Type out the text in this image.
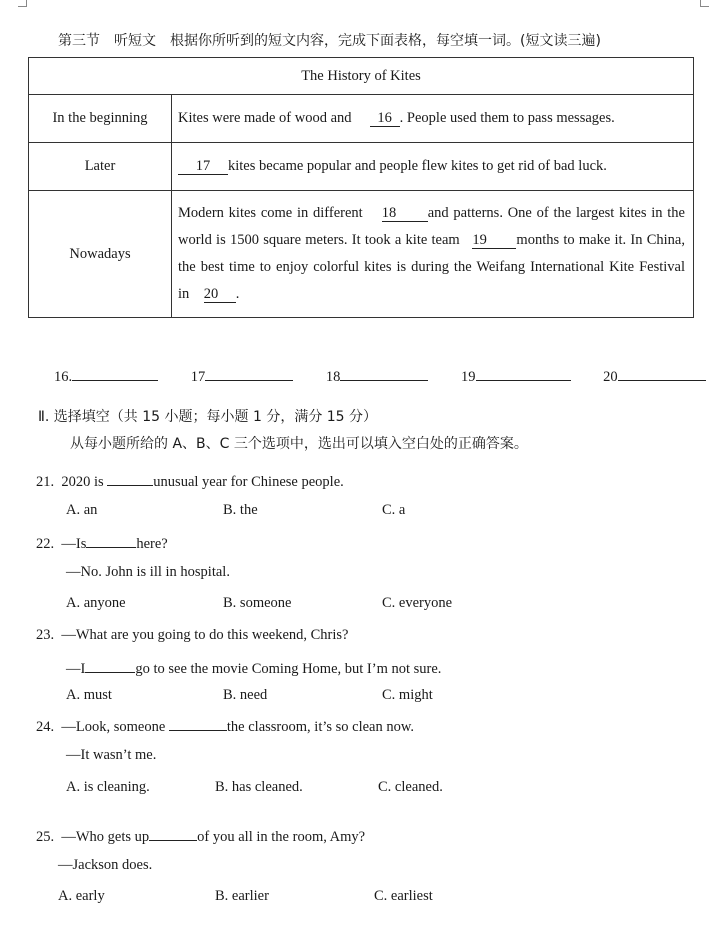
第三节　听短文　根据你所听到的短文内容，完成下面表格，每空填一词。(短文读三遍)
The History of Kites	
In the beginning	Kites were made of wood and 16 . People used them to pass messages.
Later	17 kites became popular and people flew kites to get rid of bad luck.
Nowadays	Modern kites come in different 18 and patterns. One of the largest kites in the world is 1500 square meters. It took a kite team 19 months to make it. In China, the best time to enjoy colorful kites is during the Weifang International Kite Festival in 20 .
16.	17	18	19	20
Ⅱ. 选择填空（共 15 小题；每小题 1 分，满分 15 分）
从每小题所给的 A、B、C 三个选项中，选出可以填入空白处的正确答案。
21. 2020 is	unusual year for Chinese people.
A. an	B. the	C. a
22. —Is	here?
—No. John is ill in hospital.
A. anyone	B. someone	C. everyone
23. —What are you going to do this weekend, Chris?
—I	go to see the movie Coming Home, but I’m not sure.
A. must	B. need	C. might
24. —Look, someone	the classroom, it’s so clean now.
—It wasn’t me.
A. is cleaning.	B. has cleaned.	C. cleaned.
25. —Who gets up	of you all in the room, Amy?
—Jackson does.
A. early	B. earlier	C. earliest
